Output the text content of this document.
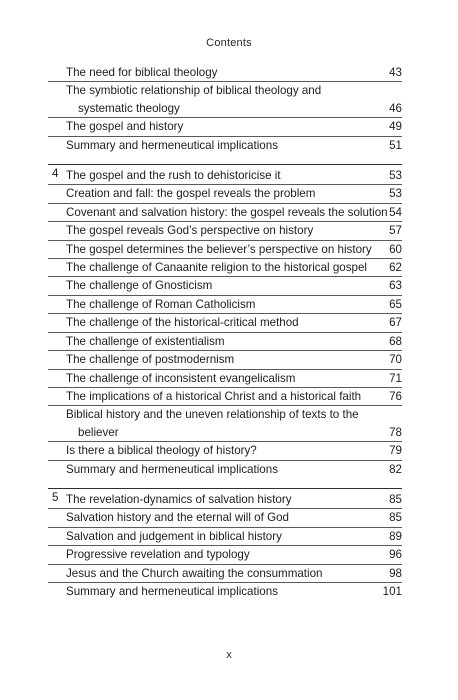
Contents
The need for biblical theology	43
The symbiotic relationship of biblical theology and
systematic theology	46
The gospel and history	49
Summary and hermeneutical implications	51
4 The gospel and the rush to dehistoricise it	53
Creation and fall: the gospel reveals the problem	53
Covenant and salvation history: the gospel reveals the solution 54
The gospel reveals God’s perspective on history	57
The gospel determines the believer’s perspective on history	60
The challenge of Canaanite religion to the historical gospel	62
The challenge of Gnosticism	63
The challenge of Roman Catholicism	65
The challenge of the historical-critical method	67
The challenge of existentialism	68
The challenge of postmodernism	70
The challenge of inconsistent evangelicalism	71
The implications of a historical Christ and a historical faith	76
Biblical history and the uneven relationship of texts to the
believer	78
Is there a biblical theology of history?	79
Summary and hermeneutical implications	82
5 The revelation-dynamics of salvation history	85
Salvation history and the eternal will of God	85
Salvation and judgement in biblical history	89
Progressive revelation and typology	96
Jesus and the Church awaiting the consummation	98
Summary and hermeneutical implications	101
x
